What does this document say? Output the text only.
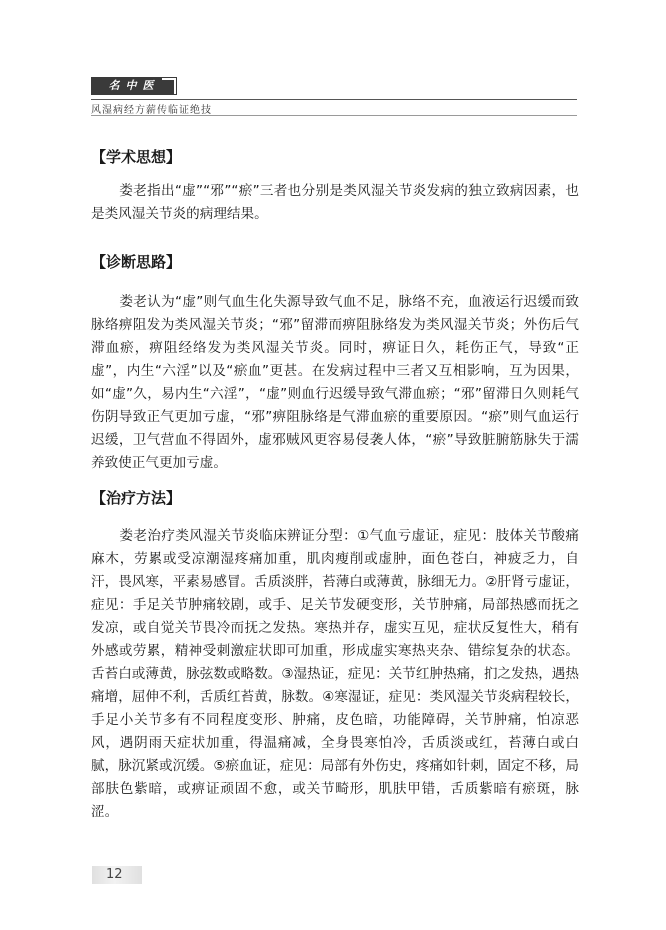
名中医
风湿病经方薪传临证绝技
【学术思想】

娄老指出“虚”“邪”“瘀”三者也分别是类风湿关节炎发病的独立致病因素，也是类风湿关节炎的病理结果。

【诊断思路】

娄老认为“虚”则气血生化失源导致气血不足，脉络不充，血液运行迟缓而致脉络痹阻发为类风湿关节炎；“邪”留滞而痹阻脉络发为类风湿关节炎；外伤后气滞血瘀，痹阻经络发为类风湿关节炎。同时，痹证日久，耗伤正气，导致“正虚”，内生“六淫”以及“瘀血”更甚。在发病过程中三者又互相影响，互为因果，如“虚”久，易内生“六淫”，“虚”则血行迟缓导致气滞血瘀；“邪”留滞日久则耗气伤阴导致正气更加亏虚，“邪”痹阻脉络是气滞血瘀的重要原因。“瘀”则气血运行迟缓，卫气营血不得固外，虚邪贼风更容易侵袭人体，“瘀”导致脏腑筋脉失于濡养致使正气更加亏虚。

【治疗方法】

娄老治疗类风湿关节炎临床辨证分型：①气血亏虚证，症见：肢体关节酸痛麻木，劳累或受凉潮湿疼痛加重，肌肉瘦削或虚肿，面色苍白，神疲乏力，自汗，畏风寒，平素易感冒。舌质淡胖，苔薄白或薄黄，脉细无力。②肝肾亏虚证，症见：手足关节肿痛较剧，或手、足关节发硬变形，关节肿痛，局部热感而抚之发凉，或自觉关节畏冷而抚之发热。寒热并存，虚实互见，症状反复性大，稍有外感或劳累，精神受刺激症状即可加重，形成虚实寒热夹杂、错综复杂的状态。舌苔白或薄黄，脉弦数或略数。③湿热证，症见：关节红肿热痛，扪之发热，遇热痛增，屈伸不利，舌质红苔黄，脉数。④寒湿证，症见：类风湿关节炎病程较长，手足小关节多有不同程度变形、肿痛，皮色暗，功能障碍，关节肿痛，怕凉恶风，遇阴雨天症状加重，得温痛减，全身畏寒怕冷，舌质淡或红，苔薄白或白腻，脉沉紧或沉缓。⑤瘀血证，症见：局部有外伤史，疼痛如针刺，固定不移，局部肤色紫暗，或痹证顽固不愈，或关节畸形，肌肤甲错，舌质紫暗有瘀斑，脉涩。

12
